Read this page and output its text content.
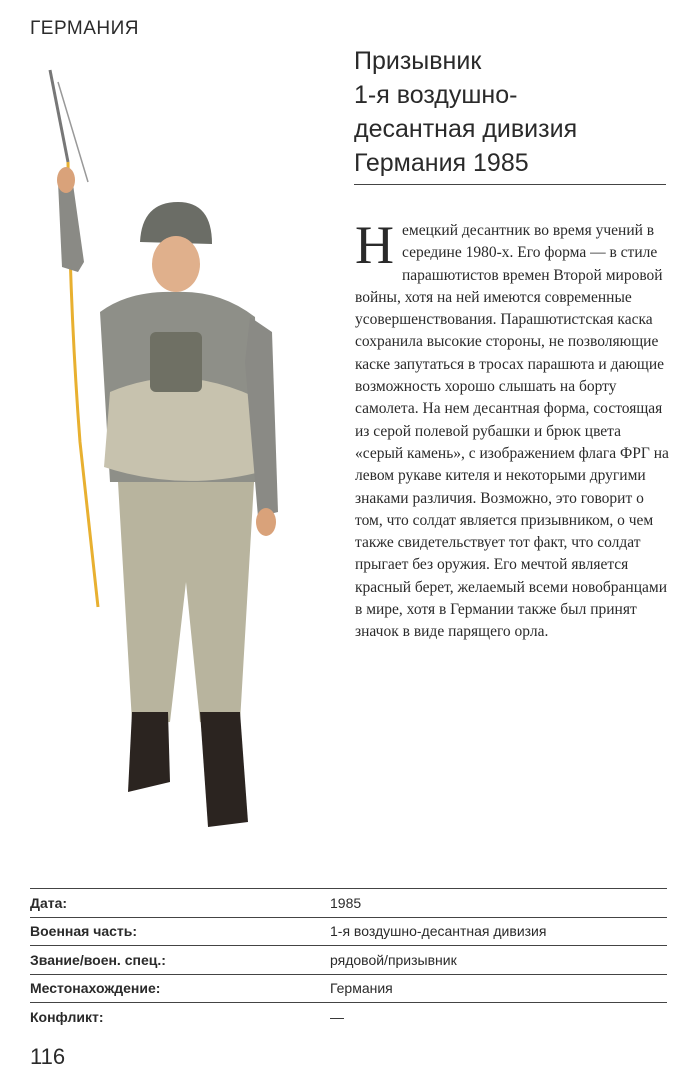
ГЕРМАНИЯ
Призывник
1-я воздушно-
десантная дивизия
Германия 1985
Н емецкий десантник во время учений в середине 1980-х. Его форма — в стиле парашютистов времен Второй мировой войны, хотя на ней имеются современные усовершенствования. Парашютистская каска сохранила высокие стороны, не позволяющие каске запутаться в тросах парашюта и дающие возможность хорошо слышать на борту самолета. На нем десантная форма, состоящая из серой полевой рубашки и брюк цвета «серый камень», с изображением флага ФРГ на левом рукаве кителя и некоторыми другими знаками различия. Возможно, это говорит о том, что солдат является призывником, о чем также свидетельствует тот факт, что солдат прыгает без оружия. Его мечтой является красный берет, желаемый всеми новобранцами в мире, хотя в Германии также был принят значок в виде парящего орла.

Дата:	1985
Военная часть:	1-я воздушно-десантная дивизия
Звание/воен. спец.:	рядовой/призывник
Местонахождение:	Германия
Конфликт:	—
116
